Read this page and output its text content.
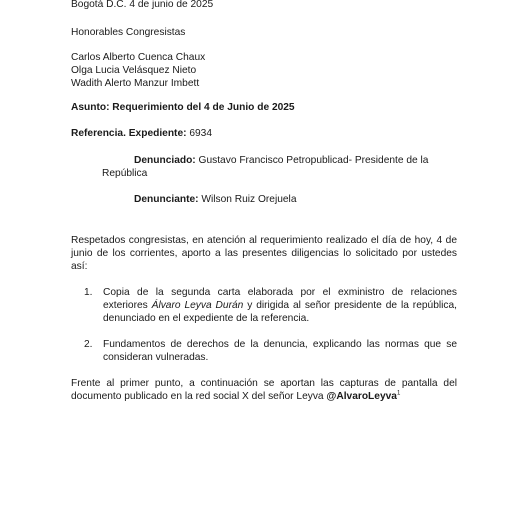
Bogotá D.C. 4 de junio de 2025
Honorables Congresistas
Carlos Alberto Cuenca Chaux
Olga Lucia Velásquez Nieto
Wadith Alerto Manzur Imbett
Asunto: Requerimiento del 4 de Junio de 2025
Referencia. Expediente: 6934
Denunciado: Gustavo Francisco Petropublicad- Presidente de la
República
Denunciante: Wilson Ruiz Orejuela
Respetados congresistas, en atención al requerimiento realizado el día de hoy, 4 de junio de los corrientes, aporto a las presentes diligencias lo solicitado por ustedes así:
1. Copia de la segunda carta elaborada por el exministro de relaciones exteriores Álvaro Leyva Durán y dirigida al señor presidente de la república, denunciado en el expediente de la referencia.
2. Fundamentos de derechos de la denuncia, explicando las normas que se consideran vulneradas.
Frente al primer punto, a continuación se aportan las capturas de pantalla del documento publicado en la red social X del señor Leyva @AlvaroLeyva$^1$
